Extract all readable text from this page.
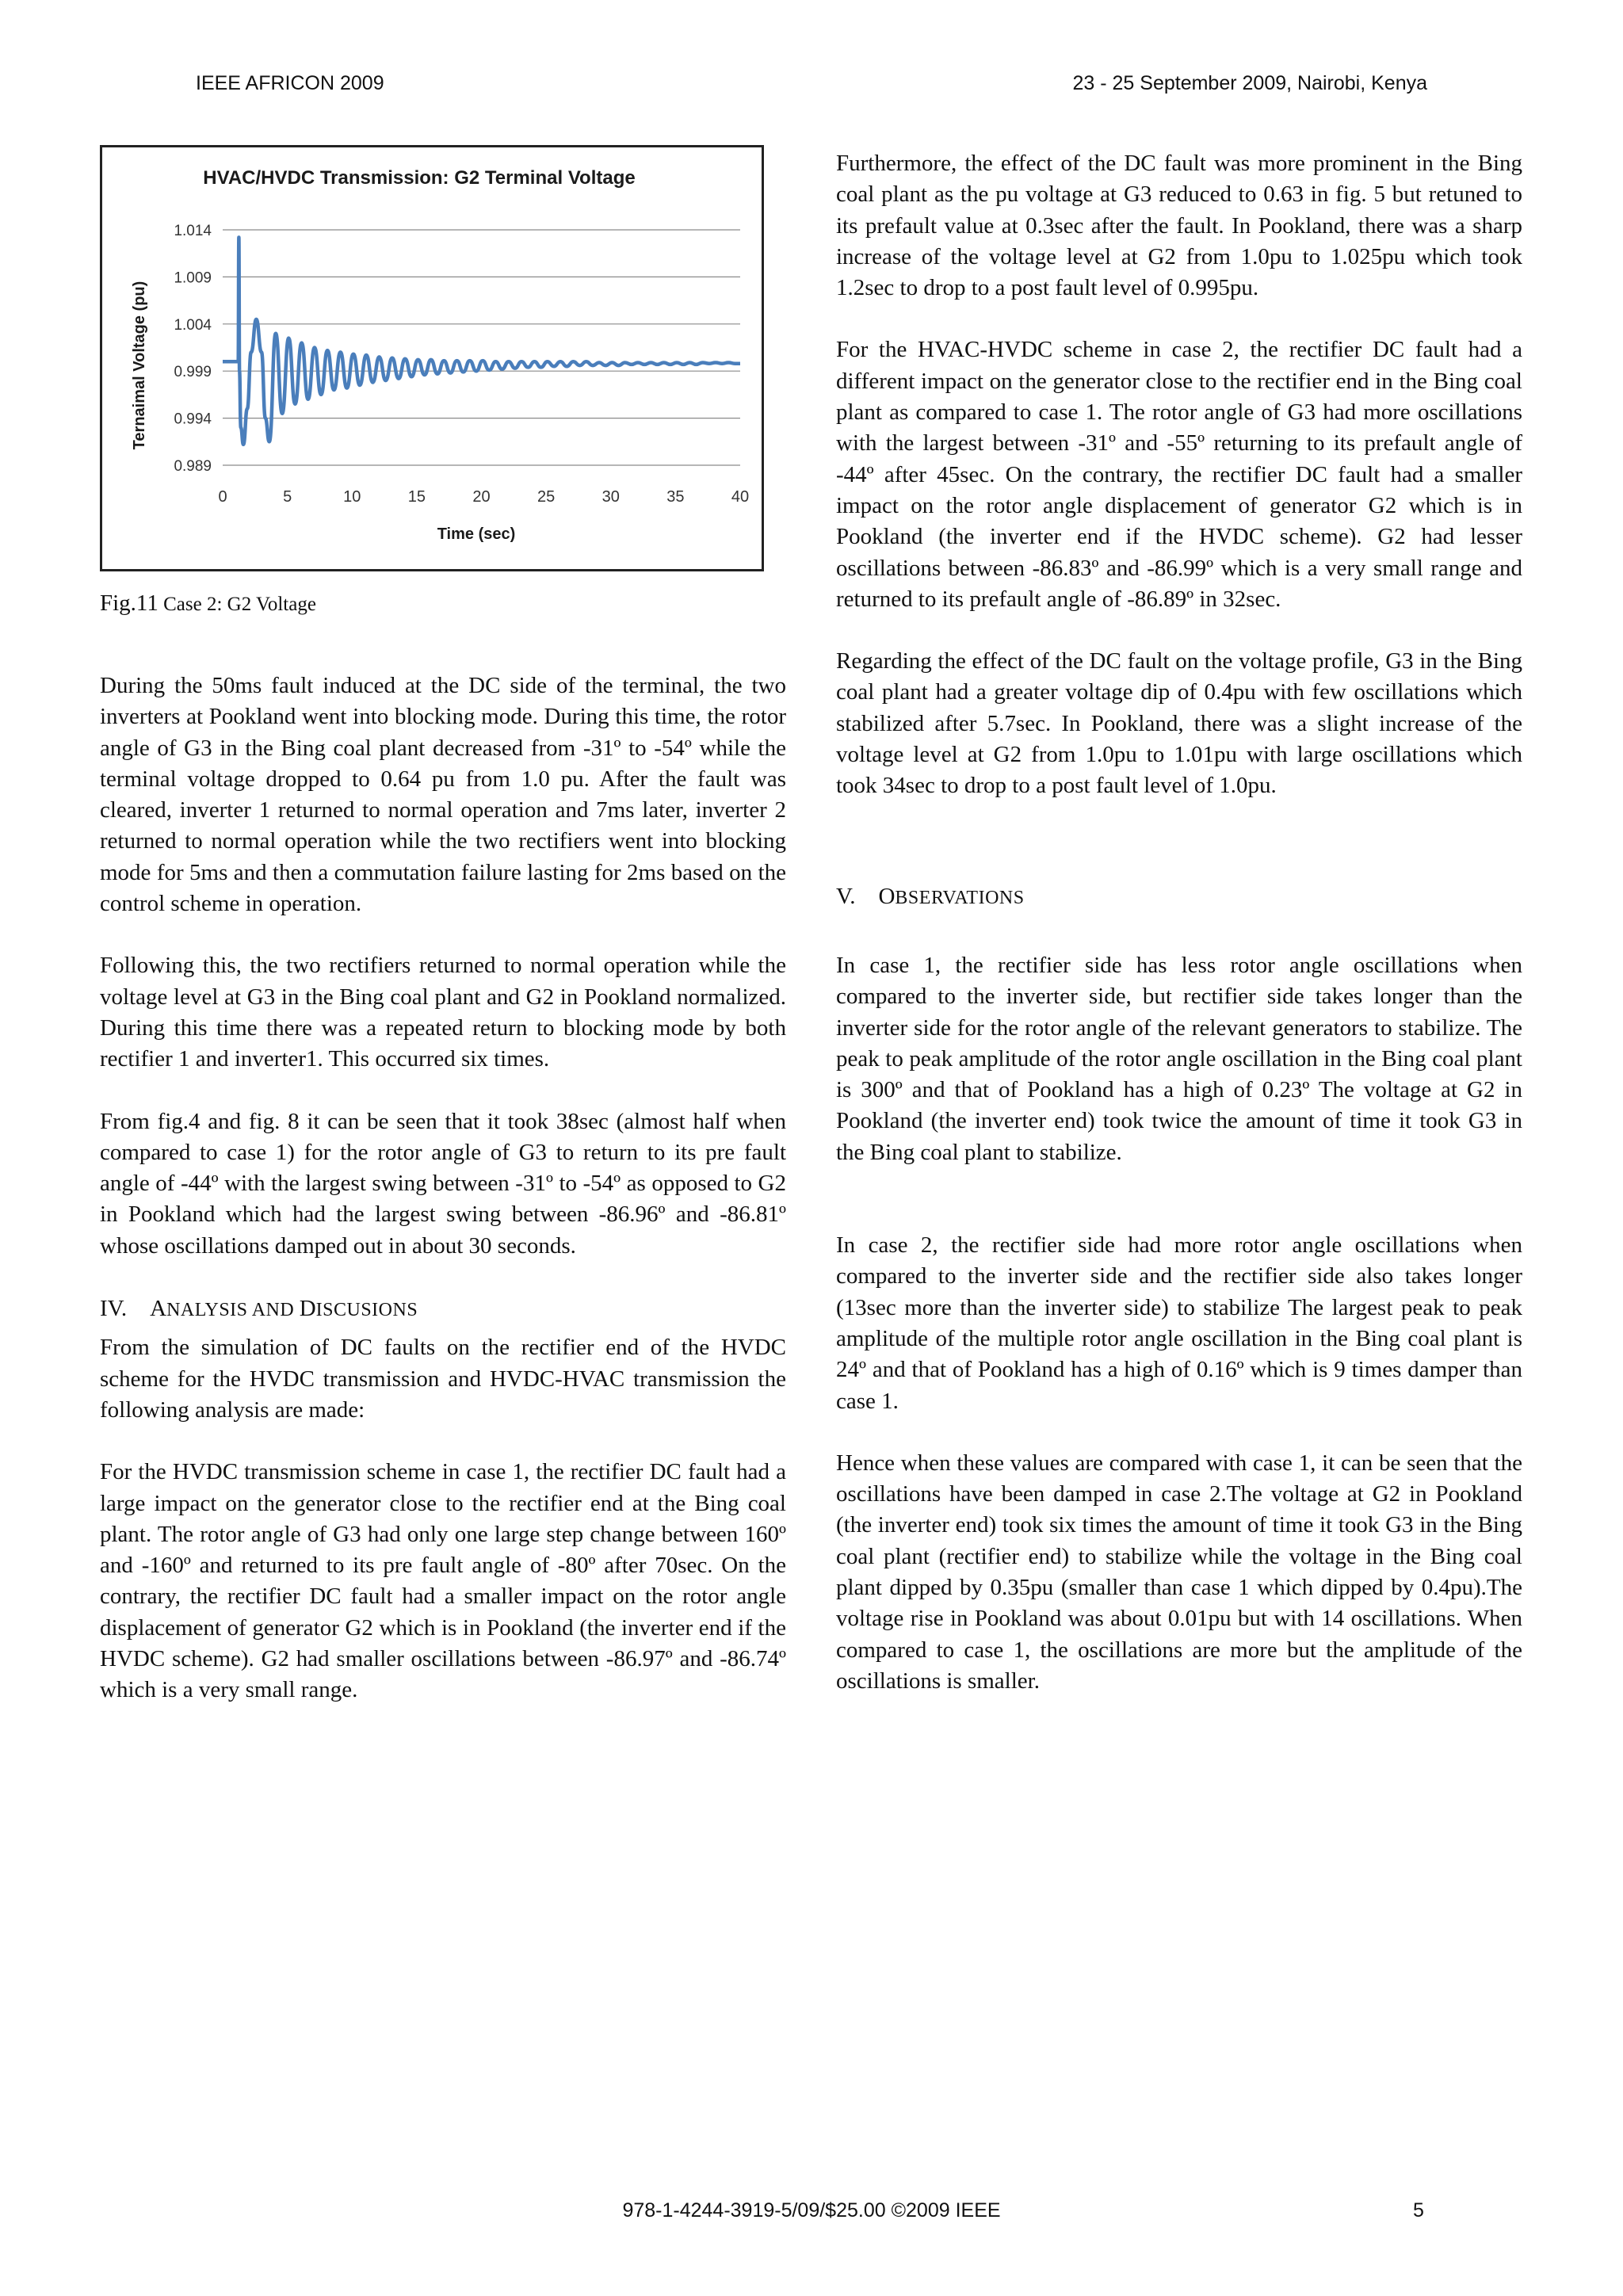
IEEE AFRICON 2009	23 - 25 September 2009, Nairobi, Kenya
HVAC/HVDC Transmission: G2 Terminal Voltage
1.014
1.009
1.004
0.999
0.994
0.989
0	5	10	15	20	25	30	35	40
Time (sec)
Ternaimal Voltage (pu)
Fig.11 Case 2: G2 Voltage

During the 50ms fault induced at the DC side of the terminal, the two inverters at Pookland went into blocking mode. During this time, the rotor angle of G3 in the Bing coal plant decreased from -31º to -54º while the terminal voltage dropped to 0.64 pu from 1.0 pu. After the fault was cleared, inverter 1 returned to normal operation and 7ms later, inverter 2 returned to normal operation while the two rectifiers went into blocking mode for 5ms and then a commutation failure lasting for 2ms based on the control scheme in operation.

Following this, the two rectifiers returned to normal operation while the voltage level at G3 in the Bing coal plant and G2 in Pookland normalized. During this time there was a repeated return to blocking mode by both rectifier 1 and inverter1. This occurred six times.

From fig.4 and fig. 8 it can be seen that it took 38sec (almost half when compared to case 1) for the rotor angle of G3 to return to its pre fault angle of -44º with the largest swing between -31º to -54º as opposed to G2 in Pookland which had the largest swing between -86.96º and -86.81º whose oscillations damped out in about 30 seconds.

IV. ANALYSIS AND DISCUSIONS

From the simulation of DC faults on the rectifier end of the HVDC scheme for the HVDC transmission and HVDC-HVAC transmission the following analysis are made:

For the HVDC transmission scheme in case 1, the rectifier DC fault had a large impact on the generator close to the rectifier end at the Bing coal plant. The rotor angle of G3 had only one large step change between 160º and -160º and returned to its pre fault angle of -80º after 70sec. On the contrary, the rectifier DC fault had a smaller impact on the rotor angle displacement of generator G2 which is in Pookland (the inverter end if the HVDC scheme). G2 had smaller oscillations between -86.97º and -86.74º which is a very small range.

Furthermore, the effect of the DC fault was more prominent in the Bing coal plant as the pu voltage at G3 reduced to 0.63 in fig. 5 but retuned to its prefault value at 0.3sec after the fault. In Pookland, there was a sharp increase of the voltage level at G2 from 1.0pu to 1.025pu which took 1.2sec to drop to a post fault level of 0.995pu.

For the HVAC-HVDC scheme in case 2, the rectifier DC fault had a different impact on the generator close to the rectifier end in the Bing coal plant as compared to case 1. The rotor angle of G3 had more oscillations with the largest between -31º and -55º returning to its prefault angle of -44º after 45sec. On the contrary, the rectifier DC fault had a smaller impact on the rotor angle displacement of generator G2 which is in Pookland (the inverter end if the HVDC scheme). G2 had lesser oscillations between -86.83º and -86.99º which is a very small range and returned to its prefault angle of -86.89º in 32sec.

Regarding the effect of the DC fault on the voltage profile, G3 in the Bing coal plant had a greater voltage dip of 0.4pu with few oscillations which stabilized after 5.7sec. In Pookland, there was a slight increase of the voltage level at G2 from 1.0pu to 1.01pu with large oscillations which took 34sec to drop to a post fault level of 1.0pu.

V. OBSERVATIONS

In case 1, the rectifier side has less rotor angle oscillations when compared to the inverter side, but rectifier side takes longer than the inverter side for the rotor angle of the relevant generators to stabilize. The peak to peak amplitude of the rotor angle oscillation in the Bing coal plant is 300º and that of Pookland has a high of 0.23º The voltage at G2 in Pookland (the inverter end) took twice the amount of time it took G3 in the Bing coal plant to stabilize.

In case 2, the rectifier side had more rotor angle oscillations when compared to the inverter side and the rectifier side also takes longer (13sec more than the inverter side) to stabilize The largest peak to peak amplitude of the multiple rotor angle oscillation in the Bing coal plant is 24º and that of Pookland has a high of 0.16º which is 9 times damper than case 1.

Hence when these values are compared with case 1, it can be seen that the oscillations have been damped in case 2.The voltage at G2 in Pookland (the inverter end) took six times the amount of time it took G3 in the Bing coal plant (rectifier end) to stabilize while the voltage in the Bing coal plant dipped by 0.35pu (smaller than case 1 which dipped by 0.4pu).The voltage rise in Pookland was about 0.01pu but with 14 oscillations. When compared to case 1, the oscillations are more but the amplitude of the oscillations is smaller.

978-1-4244-3919-5/09/$25.00 ©2009 IEEE	5
